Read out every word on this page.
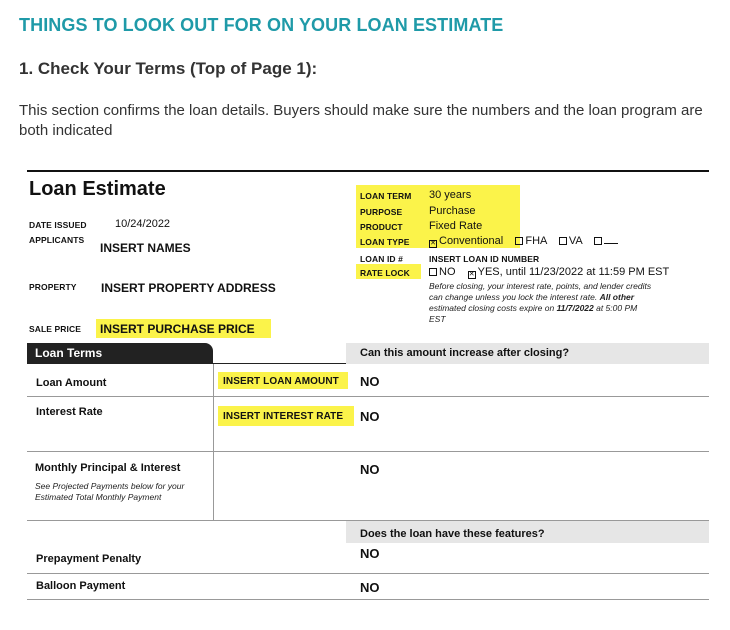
THINGS TO LOOK OUT FOR ON YOUR LOAN ESTIMATE
1. Check Your Terms (Top of Page 1):
This section confirms the loan details. Buyers should make sure the numbers and the loan program are both indicated
Loan Estimate
DATE ISSUED	10/24/2022
APPLICANTS
INSERT NAMES
PROPERTY INSERT PROPERTY ADDRESS
SALE PRICE INSERT PURCHASE PRICE
LOAN TERM 30 years
PURPOSE Purchase
PRODUCT Fixed Rate
LOAN TYPE	✕ Conventional FHA VA
LOAN ID #	INSERT LOAN ID NUMBER
RATE LOCK	NO ✕ YES, until 11/23/2022 at 11:59 PM EST
Before closing, your interest rate, points, and lender credits
can change unless you lock the interest rate. All other
estimated closing costs expire on 11/7/2022 at 5:00 PM
EST
Loan Terms	Can this amount increase after closing?
Loan Amount	INSERT LOAN AMOUNT NO
Interest Rate	INSERT INTEREST RATE NO
Monthly Principal & Interest
See Projected Payments below for your
Estimated Total Monthly Payment
NO
Does the loan have these features?
Prepayment Penalty	NO
Balloon Payment	NO
